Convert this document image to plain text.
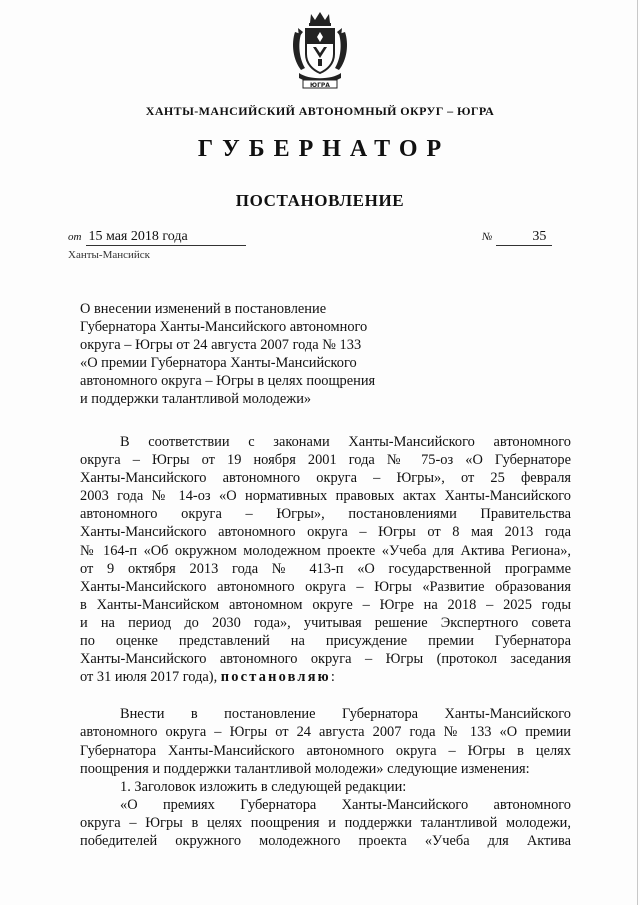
ЮГРА
ХАНТЫ-МАНСИЙСКИЙ АВТОНОМНЫЙ ОКРУГ – ЮГРА
ГУБЕРНАТОР
ПОСТАНОВЛЕНИЕ
от 15 мая 2018 года	№	35
Ханты-Мансийск
О внесении изменений в постановление
Губернатора Ханты-Мансийского автономного
округа – Югры от 24 августа 2007 года № 133
«О премии Губернатора Ханты-Мансийского
автономного округа – Югры в целях поощрения
и поддержки талантливой молодежи»
В соответствии с законами Ханты-Мансийского автономного
округа – Югры от 19 ноября 2001 года № 75-оз «О Губернаторе
Ханты-Мансийского автономного округа – Югры», от 25 февраля
2003 года № 14-оз «О нормативных правовых актах Ханты-Мансийского
автономного округа – Югры», постановлениями Правительства
Ханты-Мансийского автономного округа – Югры от 8 мая 2013 года
№ 164-п «Об окружном молодежном проекте «Учеба для Актива Региона»,
от 9 октября 2013 года № 413-п «О государственной программе
Ханты-Мансийского автономного округа – Югры «Развитие образования
в Ханты-Мансийском автономном округе – Югре на 2018 – 2025 годы
и на период до 2030 года», учитывая решение Экспертного совета
по оценке представлений на присуждение премии Губернатора
Ханты-Мансийского автономного округа – Югры (протокол заседания
от 31 июля 2017 года), постановляю:
Внести в постановление Губернатора Ханты-Мансийского
автономного округа – Югры от 24 августа 2007 года № 133 «О премии
Губернатора Ханты-Мансийского автономного округа – Югры в целях
поощрения и поддержки талантливой молодежи» следующие изменения:
1. Заголовок изложить в следующей редакции:
«О премиях Губернатора Ханты-Мансийского автономного
округа – Югры в целях поощрения и поддержки талантливой молодежи,
победителей окружного молодежного проекта «Учеба для Актива
